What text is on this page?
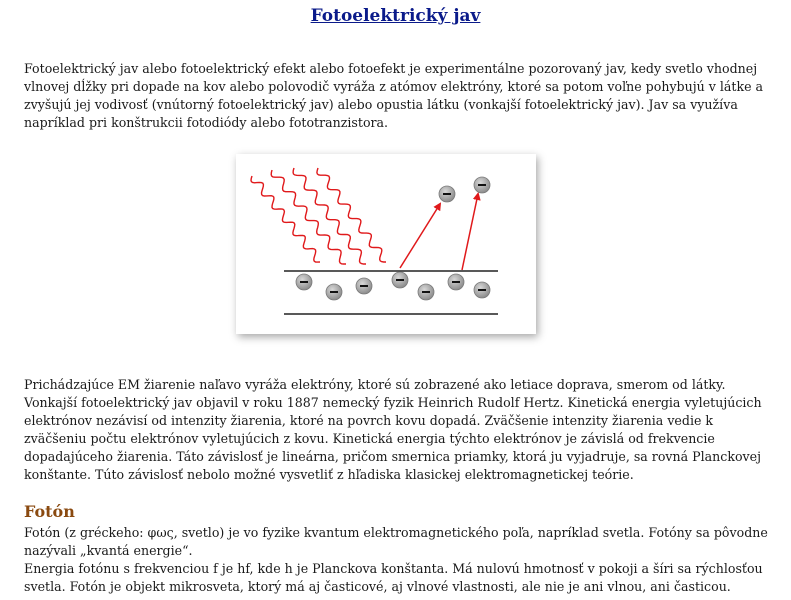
Fotoelektrický jav

Fotoelektrický jav alebo fotoelektrický efekt alebo fotoefekt je experimentálne pozorovaný jav, kedy svetlo vhodnej vlnovej dĺžky pri dopade na kov alebo polovodič vyráža z atómov elektróny, ktoré sa potom voľne pohybujú v látke a zvyšujú jej vodivosť (vnútorný fotoelektrický jav) alebo opustia látku (vonkajší fotoelektrický jav). Jav sa využíva napríklad pri konštrukcii fotodiódy alebo fototranzistora.

Prichádzajúce EM žiarenie naľavo vyráža elektróny, ktoré sú zobrazené ako letiace doprava, smerom od látky. Vonkajší fotoelektrický jav objavil v roku 1887 nemecký fyzik Heinrich Rudolf Hertz. Kinetická energia vyletujúcich elektrónov nezávisí od intenzity žiarenia, ktoré na povrch kovu dopadá. Zväčšenie intenzity žiarenia vedie k zväčšeniu počtu elektrónov vyletujúcich z kovu. Kinetická energia týchto elektrónov je závislá od frekvencie dopadajúceho žiarenia. Táto závislosť je lineárna, pričom smernica priamky, ktorá ju vyjadruje, sa rovná Planckovej konštante. Túto závislosť nebolo možné vysvetliť z hľadiska klasickej elektromagnetickej teórie.

Fotón
Fotón (z gréckeho: φως, svetlo) je vo fyzike kvantum elektromagnetického poľa, napríklad svetla. Fotóny sa pôvodne nazývali „kvantá energie“.
Energia fotónu s frekvenciou f je hf, kde h je Planckova konštanta. Má nulovú hmotnosť v pokoji a šíri sa rýchlosťou svetla. Fotón je objekt mikrosveta, ktorý má aj časticové, aj vlnové vlastnosti, ale nie je ani vlnou, ani časticou.
